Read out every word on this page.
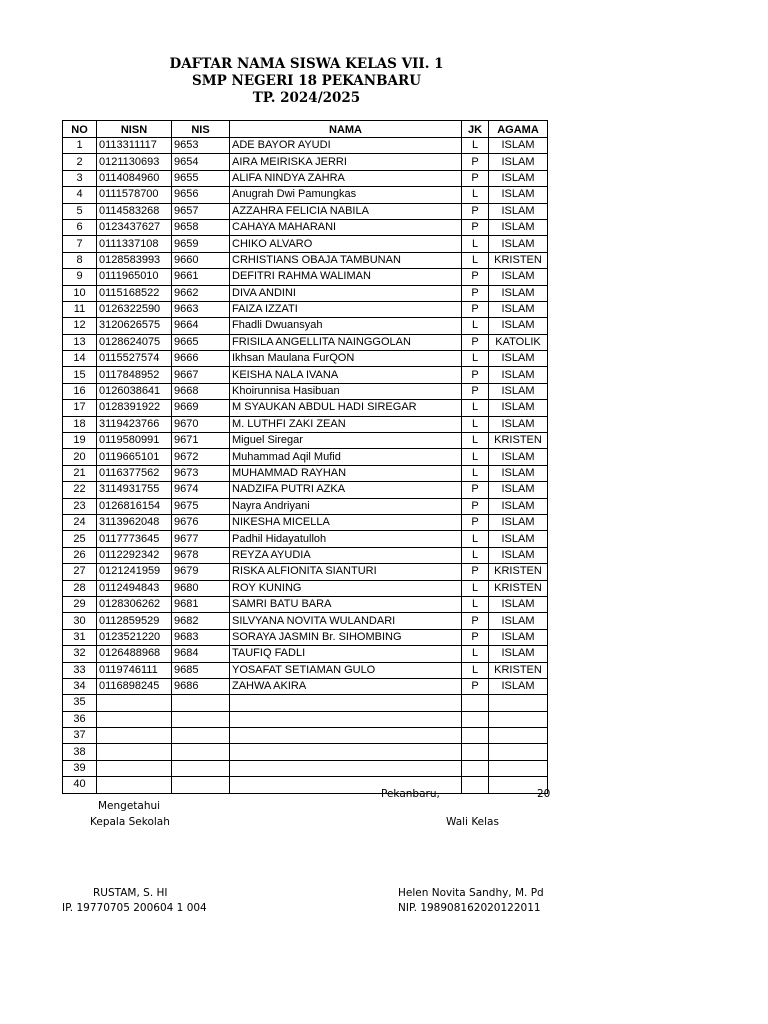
DAFTAR NAMA SISWA KELAS VII. 1
SMP NEGERI 18 PEKANBARU
TP. 2024/2025
NO	NISN	NIS	NAMA	JK	AGAMA
1	0113311117	9653	ADE BAYOR AYUDI	L	ISLAM
2	0121130693	9654	AIRA MEIRISKA JERRI	P	ISLAM
3	0114084960	9655	ALIFA NINDYA ZAHRA	P	ISLAM
4	0111578700	9656	Anugrah Dwi Pamungkas	L	ISLAM
5	0114583268	9657	AZZAHRA FELICIA NABILA	P	ISLAM
6	0123437627	9658	CAHAYA MAHARANI	P	ISLAM
7	0111337108	9659	CHIKO ALVARO	L	ISLAM
8	0128583993	9660	CRHISTIANS OBAJA TAMBUNAN	L	KRISTEN
9	0111965010	9661	DEFITRI RAHMA WALIMAN	P	ISLAM
10	0115168522	9662	DIVA ANDINI	P	ISLAM
11	0126322590	9663	FAIZA IZZATI	P	ISLAM
12	3120626575	9664	Fhadli Dwuansyah	L	ISLAM
13	0128624075	9665	FRISILA ANGELLITA NAINGGOLAN	P	KATOLIK
14	0115527574	9666	Ikhsan Maulana FurQON	L	ISLAM
15	0117848952	9667	KEISHA NALA IVANA	P	ISLAM
16	0126038641	9668	Khoirunnisa Hasibuan	P	ISLAM
17	0128391922	9669	M SYAUKAN ABDUL HADI SIREGAR	L	ISLAM
18	3119423766	9670	M. LUTHFI ZAKI ZEAN	L	ISLAM
19	0119580991	9671	Miguel Siregar	L	KRISTEN
20	0119665101	9672	Muhammad Aqil Mufid	L	ISLAM
21	0116377562	9673	MUHAMMAD RAYHAN	L	ISLAM
22	3114931755	9674	NADZIFA PUTRI AZKA	P	ISLAM
23	0126816154	9675	Nayra Andriyani	P	ISLAM
24	3113962048	9676	NIKESHA MICELLA	P	ISLAM
25	0117773645	9677	Padhil Hidayatulloh	L	ISLAM
26	0112292342	9678	REYZA AYUDIA	L	ISLAM
27	0121241959	9679	RISKA ALFIONITA SIANTURI	P	KRISTEN
28	0112494843	9680	ROY KUNING	L	KRISTEN
29	0128306262	9681	SAMRI BATU BARA	L	ISLAM
30	0112859529	9682	SILVYANA NOVITA WULANDARI	P	ISLAM
31	0123521220	9683	SORAYA JASMIN Br. SIHOMBING	P	ISLAM
32	0126488968	9684	TAUFIQ FADLI	L	ISLAM
33	0119746111	9685	YOSAFAT SETIAMAN GULO	L	KRISTEN
34	0116898245	9686	ZAHWA AKIRA	P	ISLAM
35					
36					
37					
38					
39					
40					
Pekanbaru,	20
Mengetahui
Kepala Sekolah	Wali Kelas
RUSTAM, S. HI
IP. 19770705 200604 1 004
Helen Novita Sandhy, M. Pd
NIP. 198908162020122011
